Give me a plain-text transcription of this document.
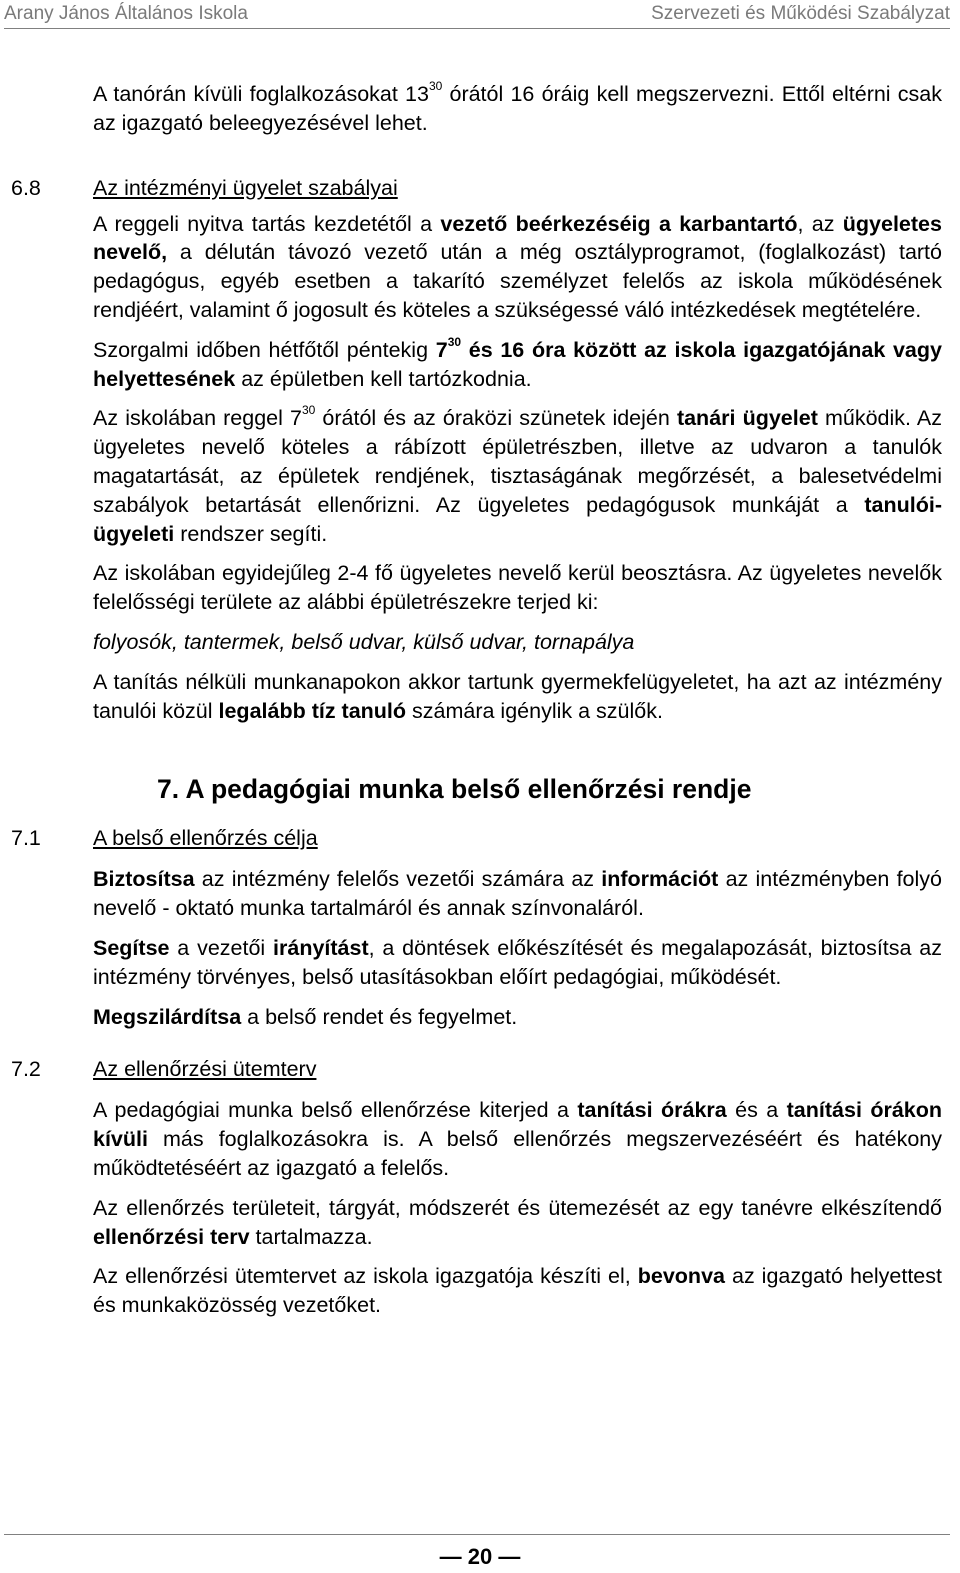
Arany János Általános Iskola	Szervezeti és Működési Szabályzat

A tanórán kívüli foglalkozásokat $13^{30}$ órától 16 óráig kell megszervezni. Ettől eltérni csak az igazgató beleegyezésével lehet.

6.8 Az intézményi ügyelet szabályai

A reggeli nyitva tartás kezdetétől a vezető beérkezéséig a karbantartó, az ügyeletes nevelő, a délután távozó vezető után a még osztályprogramot, (foglalkozást) tartó pedagógus, egyéb esetben a takarító személyzet felelős az iskola működésének rendjéért, valamint ő jogosult és köteles a szükségessé váló intézkedések megtételére.

Szorgalmi időben hétfőtől péntekig $7^{30}$ és 16 óra között az iskola igazgatójának vagy helyettesének az épületben kell tartózkodnia.

Az iskolában reggel $7^{30}$ órától és az óraközi szünetek idején tanári ügyelet működik. Az ügyeletes nevelő köteles a rábízott épületrészben, illetve az udvaron a tanulók magatartását, az épületek rendjének, tisztaságának megőrzését, a balesetvédelmi szabályok betartását ellenőrizni. Az ügyeletes pedagógusok munkáját a tanulói- ügyeleti rendszer segíti.

Az iskolában egyidejűleg 2-4 fő ügyeletes nevelő kerül beosztásra. Az ügyeletes nevelők felelősségi területe az alábbi épületrészekre terjed ki:

folyosók, tantermek, belső udvar, külső udvar, tornapálya

A tanítás nélküli munkanapokon akkor tartunk gyermekfelügyeletet, ha azt az intézmény tanulói közül legalább tíz tanuló számára igénylik a szülők.

7. A pedagógiai munka belső ellenőrzési rendje
7.1 A belső ellenőrzés célja

Biztosítsa az intézmény felelős vezetői számára az információt az intézményben folyó nevelő - oktató munka tartalmáról és annak színvonaláról.

Segítse a vezetői irányítást, a döntések előkészítését és megalapozását, biztosítsa az intézmény törvényes, belső utasításokban előírt pedagógiai, működését.

Megszilárdítsa a belső rendet és fegyelmet.

7.2 Az ellenőrzési ütemterv

A pedagógiai munka belső ellenőrzése kiterjed a tanítási órákra és a tanítási órákon kívüli más foglalkozásokra is. A belső ellenőrzés megszervezéséért és hatékony működtetéséért az igazgató a felelős.

Az ellenőrzés területeit, tárgyát, módszerét és ütemezését az egy tanévre elkészítendő ellenőrzési terv tartalmazza.

Az ellenőrzési ütemtervet az iskola igazgatója készíti el, bevonva az igazgató helyettest és munkaközösség vezetőket.

— 20 —
